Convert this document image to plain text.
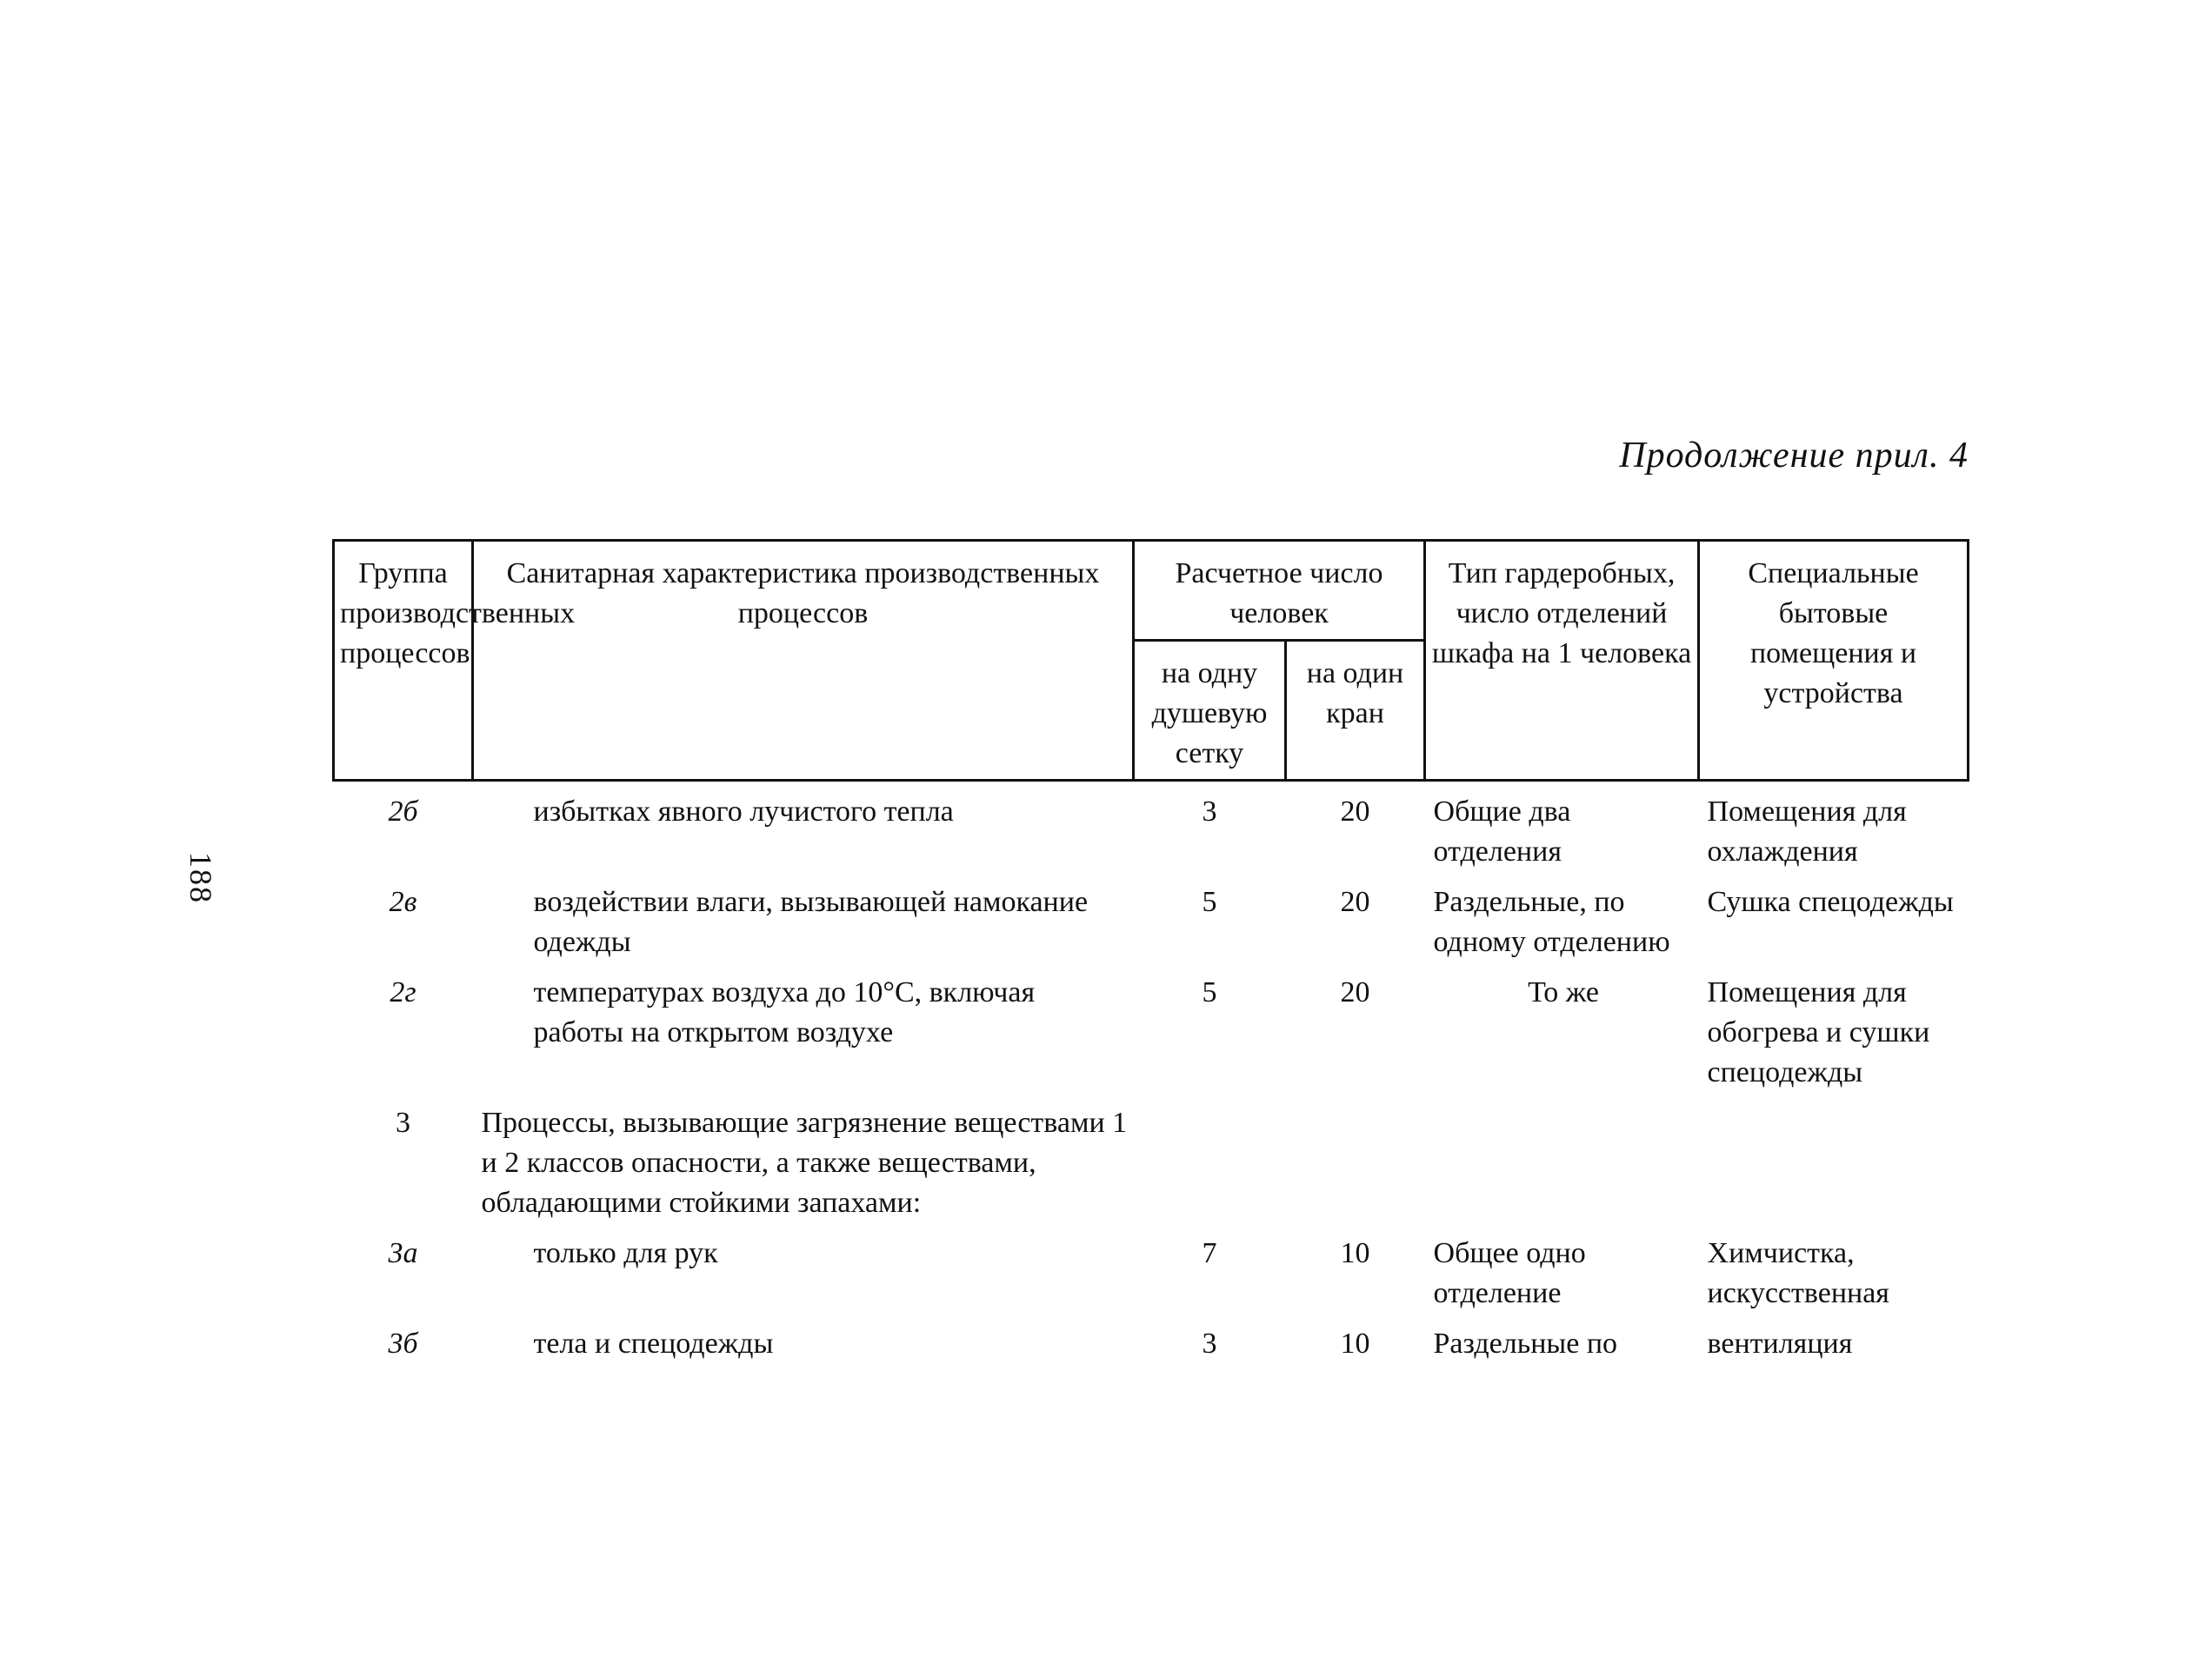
188
Продолжение прил. 4
Группа производственных процессов	Санитарная характеристика производственных процессов	Расчетное число человек		Тип гардеробных, число отделений шкафа на 1 человека	Специальные бытовые помещения и устройства
		на одну душевую сетку	на один кран		
2б	избытках явного лучистого тепла	3	20	Общие два отделения	Помещения для охлаждения
2в	воздействии влаги, вызывающей намокание одежды	5	20	Раздельные, по одному отделению	Сушка спецодежды
2г	температурах воздуха до 10°С, включая работы на открытом воздухе	5	20	То же	Помещения для обогрева и сушки спецодежды
3	Процессы, вызывающие загрязнение веществами 1 и 2 классов опасности, а также веществами, обладающими стойкими запахами:				
3а	только для рук	7	10	Общее одно отделение	Химчистка, искусственная
3б	тела и спецодежды	3	10	Раздельные по	вентиляция
